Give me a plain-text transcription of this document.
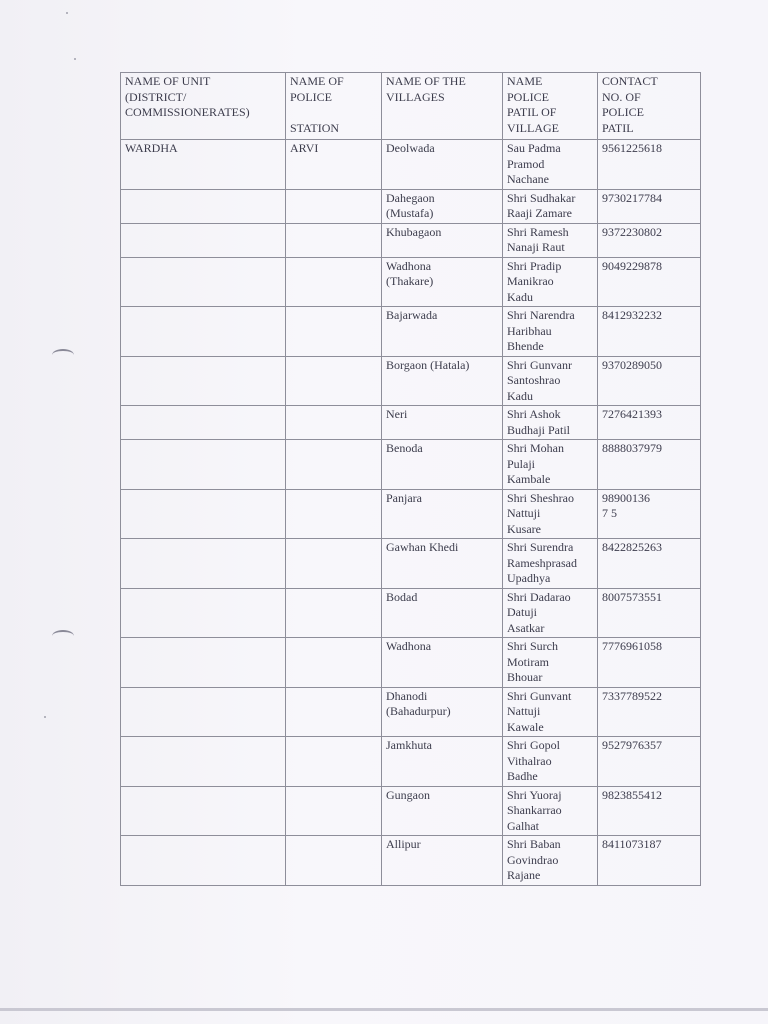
NAME OF UNIT
(DISTRICT/
COMMISSIONERATES)	NAME OF
POLICE

STATION	NAME OF THE
VILLAGES	NAME
POLICE
PATIL OF
VILLAGE	CONTACT
NO. OF
POLICE
PATIL
WARDHA	ARVI	Deolwada	Sau Padma
Pramod
Nachane	9561225618
		Dahegaon
(Mustafa)	Shri Sudhakar
Raaji Zamare	9730217784
		Khubagaon	Shri Ramesh
Nanaji Raut	9372230802
		Wadhona
(Thakare)	Shri Pradip
Manikrao
Kadu	9049229878
		Bajarwada	Shri Narendra
Haribhau
Bhende	8412932232
		Borgaon (Hatala)	Shri Gunvanr
Santoshrao
Kadu	9370289050
		Neri	Shri Ashok
Budhaji Patil	7276421393
		Benoda	Shri Mohan
Pulaji
Kambale	8888037979
		Panjara	Shri Sheshrao
Nattuji
Kusare	98900136
7 5
		Gawhan Khedi	Shri Surendra
Rameshprasad
Upadhya	8422825263
		Bodad	Shri Dadarao
Datuji
Asatkar	8007573551
		Wadhona	Shri Surch
Motiram
Bhouar	7776961058
		Dhanodi
(Bahadurpur)	Shri Gunvant
Nattuji
Kawale	7337789522
		Jamkhuta	Shri Gopol
Vithalrao
Badhe	9527976357
		Gungaon	Shri Yuoraj
Shankarrao
Galhat	9823855412
		Allipur	Shri Baban
Govindrao
Rajane	8411073187
